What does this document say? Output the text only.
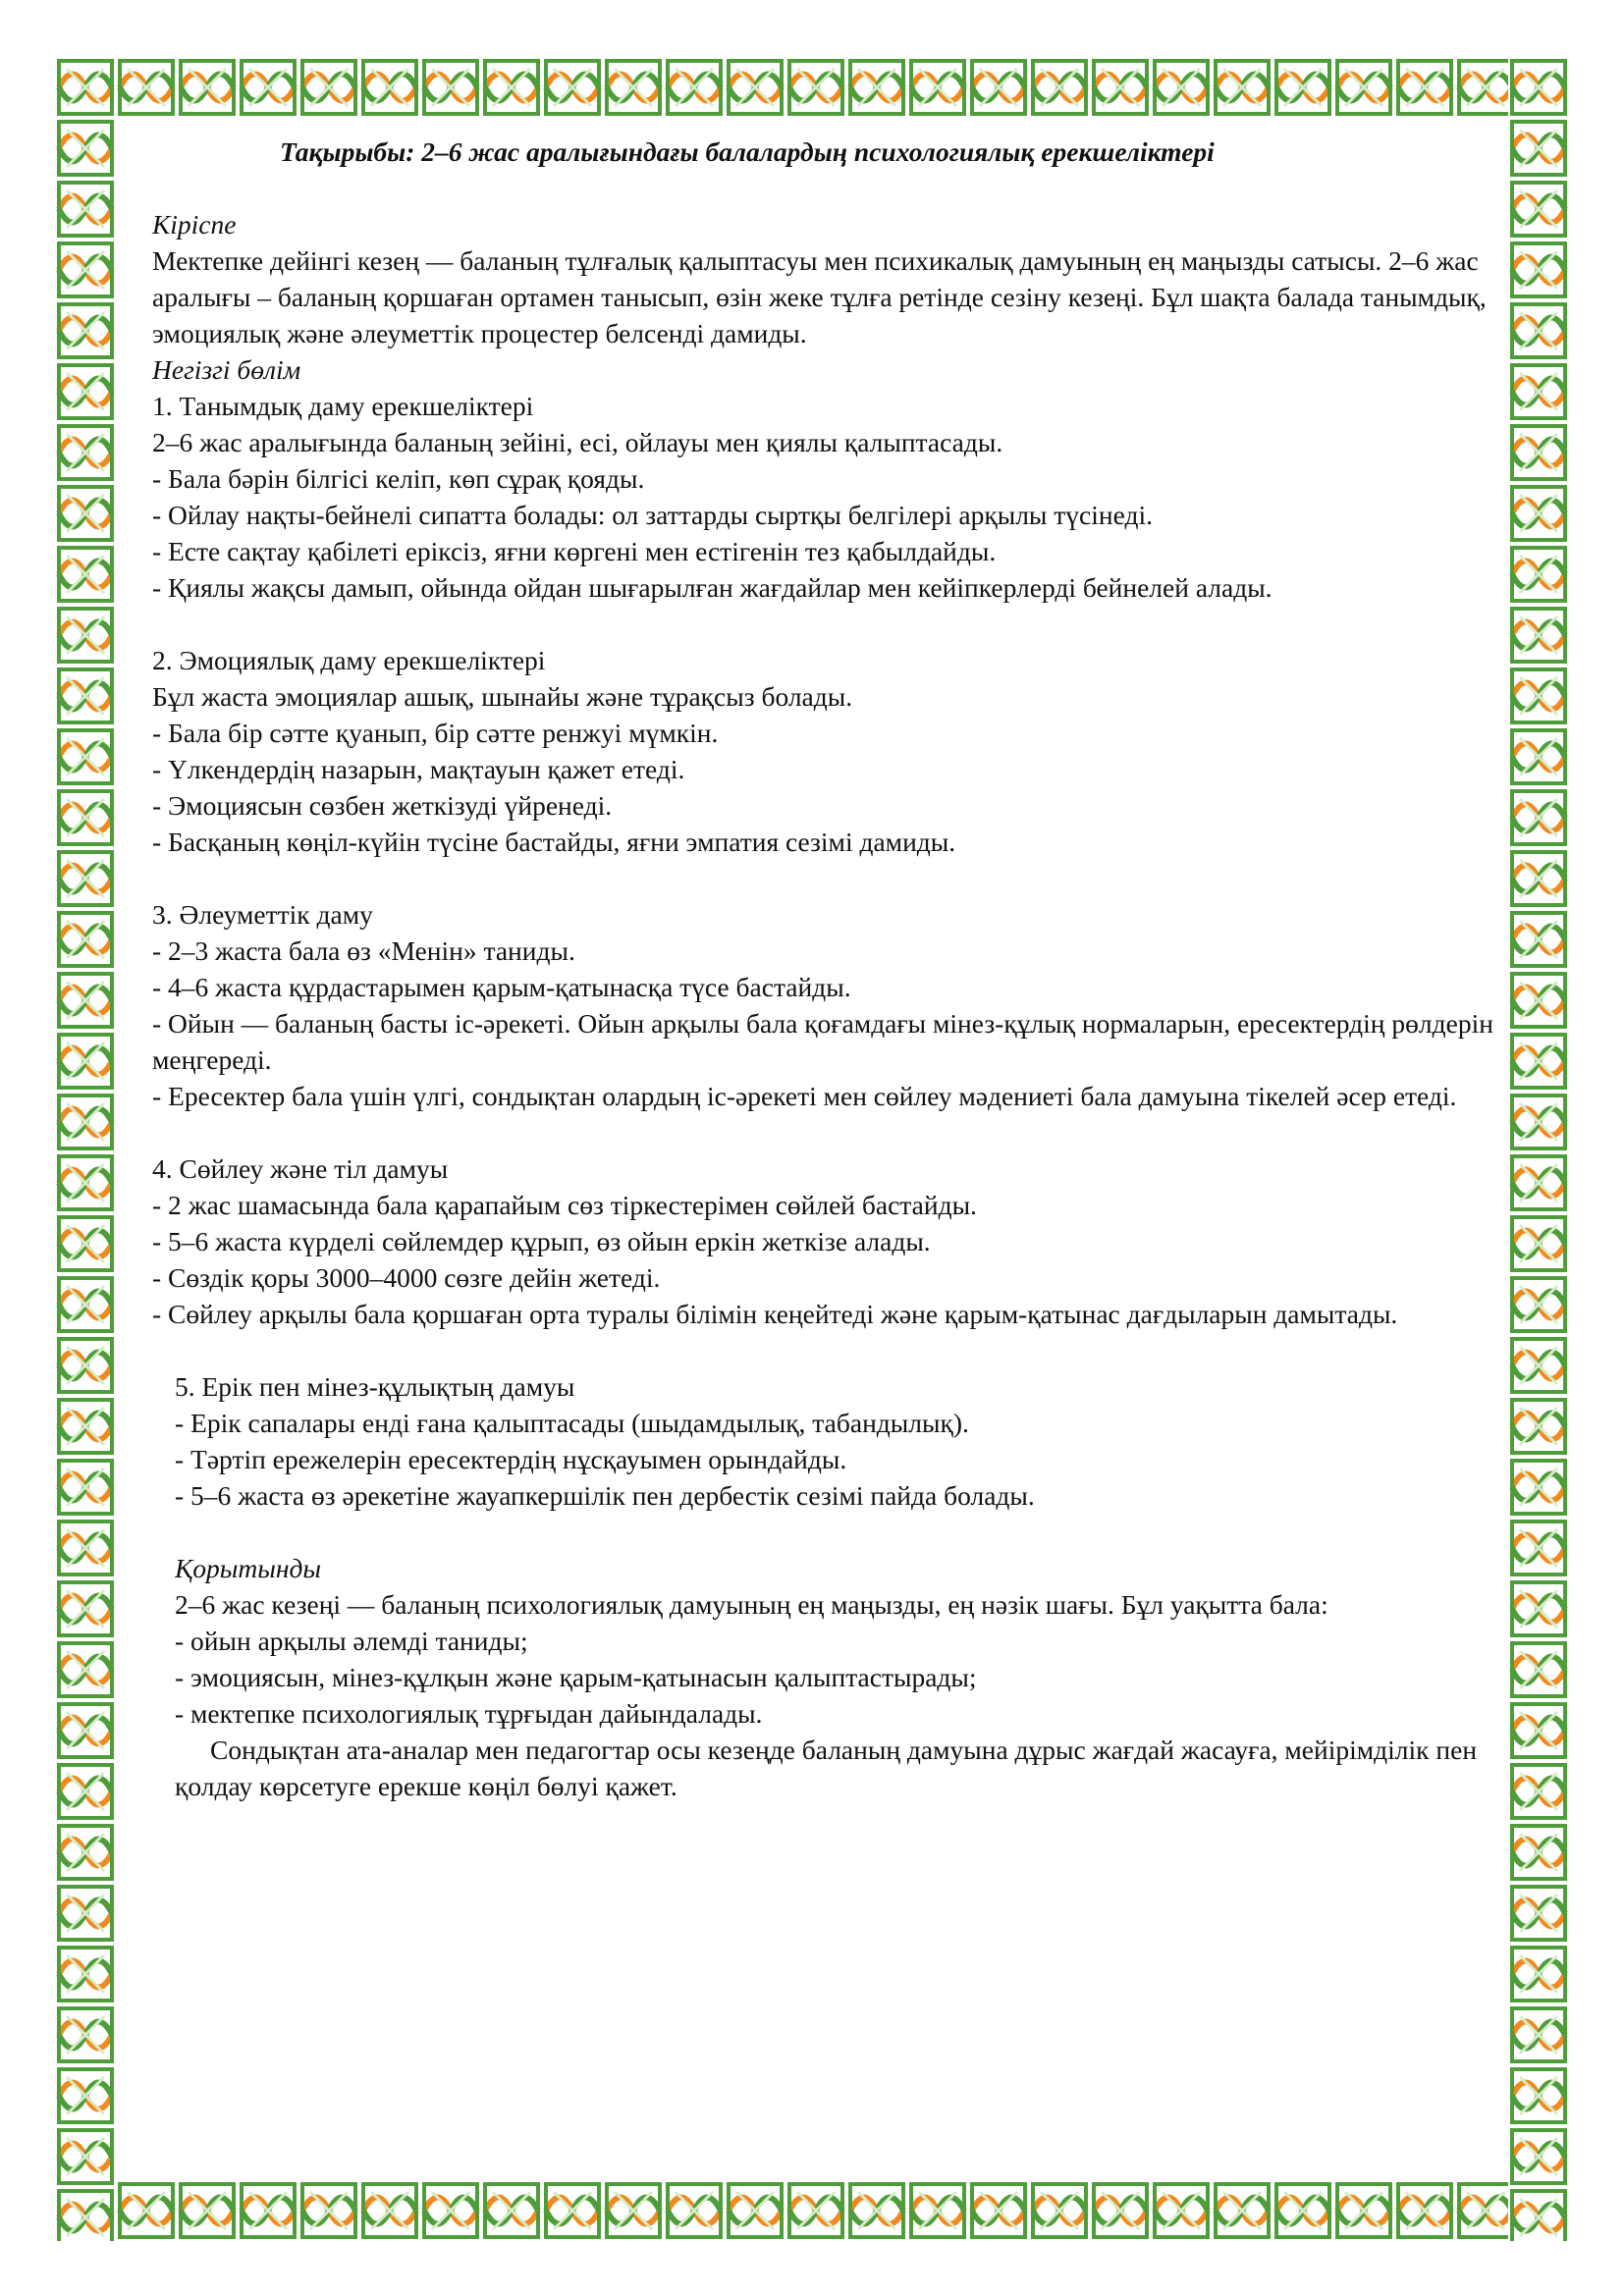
Тақырыбы: 2–6 жас аралығындағы балалардың психологиялық ерекшеліктері

Кіріспе

Мектепке дейінгі кезең — баланың тұлғалық қалыптасуы мен психикалық дамуының ең маңызды сатысы. 2–6 жас аралығы – баланың қоршаған ортамен танысып, өзін жеке тұлға ретінде сезіну кезеңі. Бұл шақта балада танымдық, эмоциялық және әлеуметтік процестер белсенді дамиды.

Негізгі бөлім

1. Танымдық даму ерекшеліктері

2–6 жас аралығында баланың зейіні, есі, ойлауы мен қиялы қалыптасады.

- Бала бәрін білгісі келіп, көп сұрақ қояды.

- Ойлау нақты-бейнелі сипатта болады: ол заттарды сыртқы белгілері арқылы түсінеді.

- Есте сақтау қабілеті еріксіз, яғни көргені мен естігенін тез қабылдайды.

- Қиялы жақсы дамып, ойында ойдан шығарылған жағдайлар мен кейіпкерлерді бейнелей алады.

2. Эмоциялық даму ерекшеліктері

Бұл жаста эмоциялар ашық, шынайы және тұрақсыз болады.

- Бала бір сәтте қуанып, бір сәтте ренжуі мүмкін.

- Үлкендердің назарын, мақтауын қажет етеді.

- Эмоциясын сөзбен жеткізуді үйренеді.

- Басқаның көңіл-күйін түсіне бастайды, яғни эмпатия сезімі дамиды.

3. Әлеуметтік даму

- 2–3 жаста бала өз «Менін» таниды.

- 4–6 жаста құрдастарымен қарым-қатынасқа түсе бастайды.

- Ойын — баланың басты іс-әрекеті. Ойын арқылы бала қоғамдағы мінез-құлық нормаларын, ересектердің рөлдерін меңгереді.

- Ересектер бала үшін үлгі, сондықтан олардың іс-әрекеті мен сөйлеу мәдениеті бала дамуына тікелей әсер етеді.

4. Сөйлеу және тіл дамуы

- 2 жас шамасында бала қарапайым сөз тіркестерімен сөйлей бастайды.

- 5–6 жаста күрделі сөйлемдер құрып, өз ойын еркін жеткізе алады.

- Сөздік қоры 3000–4000 сөзге дейін жетеді.

- Сөйлеу арқылы бала қоршаған орта туралы білімін кеңейтеді және қарым-қатынас дағдыларын дамытады.

5. Ерік пен мінез-құлықтың дамуы

- Ерік сапалары енді ғана қалыптасады (шыдамдылық, табандылық).

- Тәртіп ережелерін ересектердің нұсқауымен орындайды.

- 5–6 жаста өз әрекетіне жауапкершілік пен дербестік сезімі пайда болады.

Қорытынды

2–6 жас кезеңі — баланың психологиялық дамуының ең маңызды, ең нәзік шағы. Бұл уақытта бала:

- ойын арқылы әлемді таниды;

- эмоциясын, мінез-құлқын және қарым-қатынасын қалыптастырады;

- мектепке психологиялық тұрғыдан дайындалады.

Сондықтан ата-аналар мен педагогтар осы кезеңде баланың дамуына дұрыс жағдай жасауға, мейірімділік пен қолдау көрсетуге ерекше көңіл бөлуі қажет.
